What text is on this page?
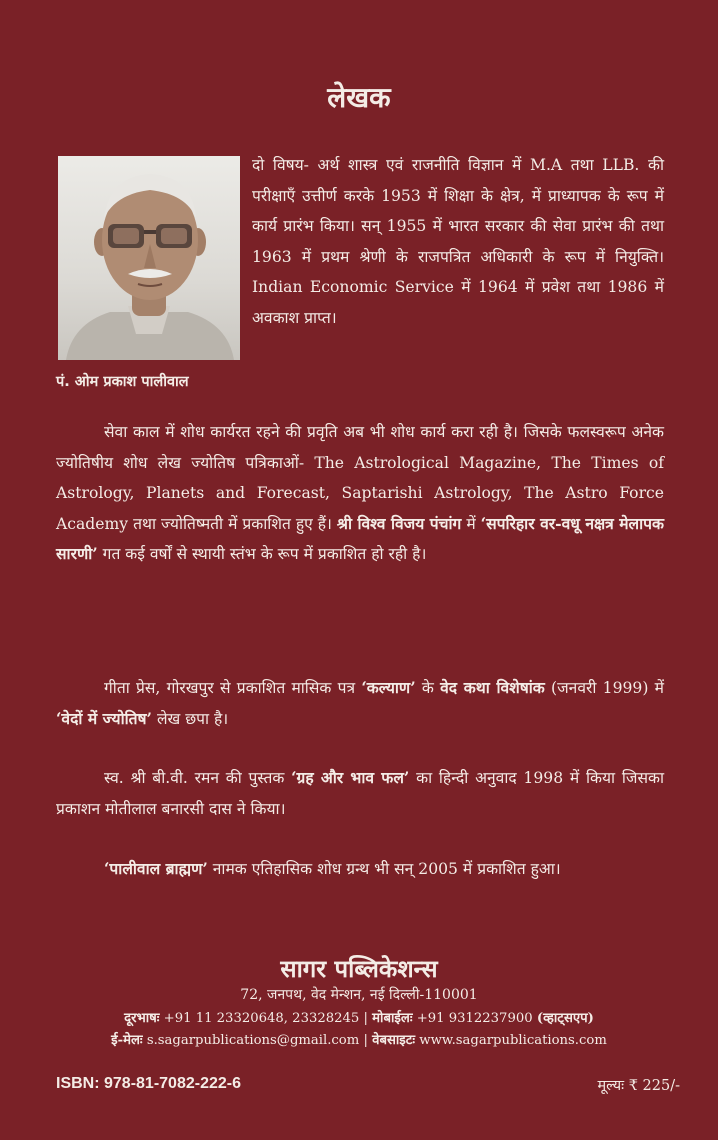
लेखक
पं. ओम प्रकाश पालीवाल
दो विषय- अर्थ शास्त्र एवं राजनीति विज्ञान में M.A तथा LLB. की परीक्षाएँ उत्तीर्ण करके 1953 में शिक्षा के क्षेत्र, में प्राध्यापक के रूप में कार्य प्रारंभ किया। सन् 1955 में भारत सरकार की सेवा प्रारंभ की तथा 1963 में प्रथम श्रेणी के राजपत्रित अधिकारी के रूप में नियुक्ति। Indian Economic Service में 1964 में प्रवेश तथा 1986 में अवकाश प्राप्त।
सेवा काल में शोध कार्यरत रहने की प्रवृति अब भी शोध कार्य करा रही है। जिसके फलस्वरूप अनेक ज्योतिषीय शोध लेख ज्योतिष पत्रिकाओं- The Astrological Magazine, The Times of Astrology, Planets and Forecast, Saptarishi Astrology, The Astro Force Academy तथा ज्योतिष्मती में प्रकाशित हुए हैं। श्री विश्व विजय पंचांग में ‘सपरिहार वर-वधू नक्षत्र मेलापक सारणी’ गत कई वर्षों से स्थायी स्तंभ के रूप में प्रकाशित हो रही है।
गीता प्रेस, गोरखपुर से प्रकाशित मासिक पत्र ‘कल्याण’ के वेद कथा विशेषांक (जनवरी 1999) में ‘वेदों में ज्योतिष’ लेख छपा है।
स्व. श्री बी.वी. रमन की पुस्तक ‘ग्रह और भाव फल’ का हिन्दी अनुवाद 1998 में किया जिसका प्रकाशन मोतीलाल बनारसी दास ने किया।
‘पालीवाल ब्राह्मण’ नामक एतिहासिक शोध ग्रन्थ भी सन् 2005 में प्रकाशित हुआ।
सागर पब्लिकेशन्स
72, जनपथ, वेद मेन्शन, नई दिल्ली-110001
दूरभाषः +91 11 23320648, 23328245 | मोबाईलः +91 9312237900 (व्हाट्सएप)
ई-मेलः s.sagarpublications@gmail.com | वेबसाइटः www.sagarpublications.com
ISBN: 978-81-7082-222-6	मूल्यः ₹ 225/-
